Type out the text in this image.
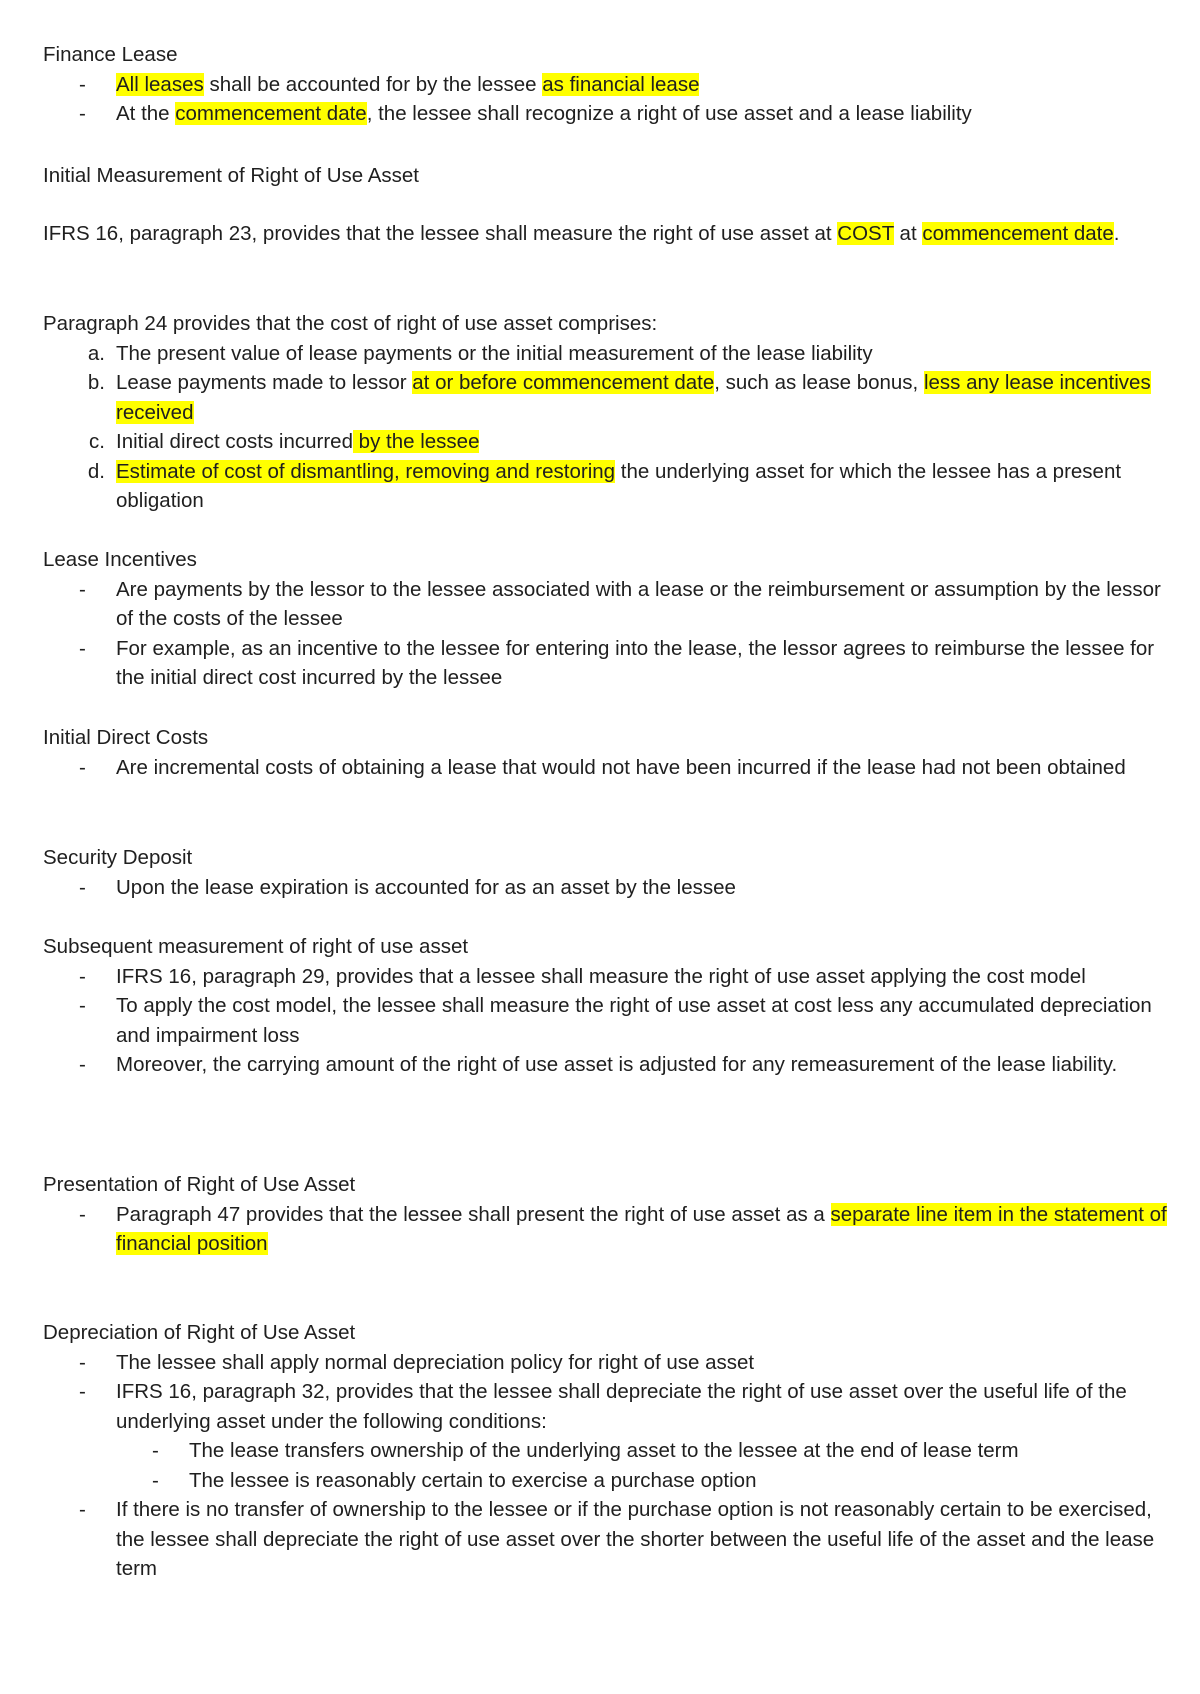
Finance Lease

- All leases shall be accounted for by the lessee as financial lease
- At the commencement date, the lessee shall recognize a right of use asset and a lease liability

Initial Measurement of Right of Use Asset

IFRS 16, paragraph 23, provides that the lessee shall measure the right of use asset at COST at commencement date.

Paragraph 24 provides that the cost of right of use asset comprises:

a. The present value of lease payments or the initial measurement of the lease liability
b. Lease payments made to lessor at or before commencement date, such as lease bonus, less any lease incentives received
c. Initial direct costs incurred by the lessee
d. Estimate of cost of dismantling, removing and restoring the underlying asset for which the lessee has a present obligation

Lease Incentives

- Are payments by the lessor to the lessee associated with a lease or the reimbursement or assumption by the lessor of the costs of the lessee
- For example, as an incentive to the lessee for entering into the lease, the lessor agrees to reimburse the lessee for the initial direct cost incurred by the lessee

Initial Direct Costs

- Are incremental costs of obtaining a lease that would not have been incurred if the lease had not been obtained

Security Deposit

- Upon the lease expiration is accounted for as an asset by the lessee

Subsequent measurement of right of use asset

- IFRS 16, paragraph 29, provides that a lessee shall measure the right of use asset applying the cost model
- To apply the cost model, the lessee shall measure the right of use asset at cost less any accumulated depreciation and impairment loss
- Moreover, the carrying amount of the right of use asset is adjusted for any remeasurement of the lease liability.

Presentation of Right of Use Asset

- Paragraph 47 provides that the lessee shall present the right of use asset as a separate line item in the statement of financial position

Depreciation of Right of Use Asset

- The lessee shall apply normal depreciation policy for right of use asset
- IFRS 16, paragraph 32, provides that the lessee shall depreciate the right of use asset over the useful life of the underlying asset under the following conditions:
- The lease transfers ownership of the underlying asset to the lessee at the end of lease term
- The lessee is reasonably certain to exercise a purchase option
- If there is no transfer of ownership to the lessee or if the purchase option is not reasonably certain to be exercised, the lessee shall depreciate the right of use asset over the shorter between the useful life of the asset and the lease term
